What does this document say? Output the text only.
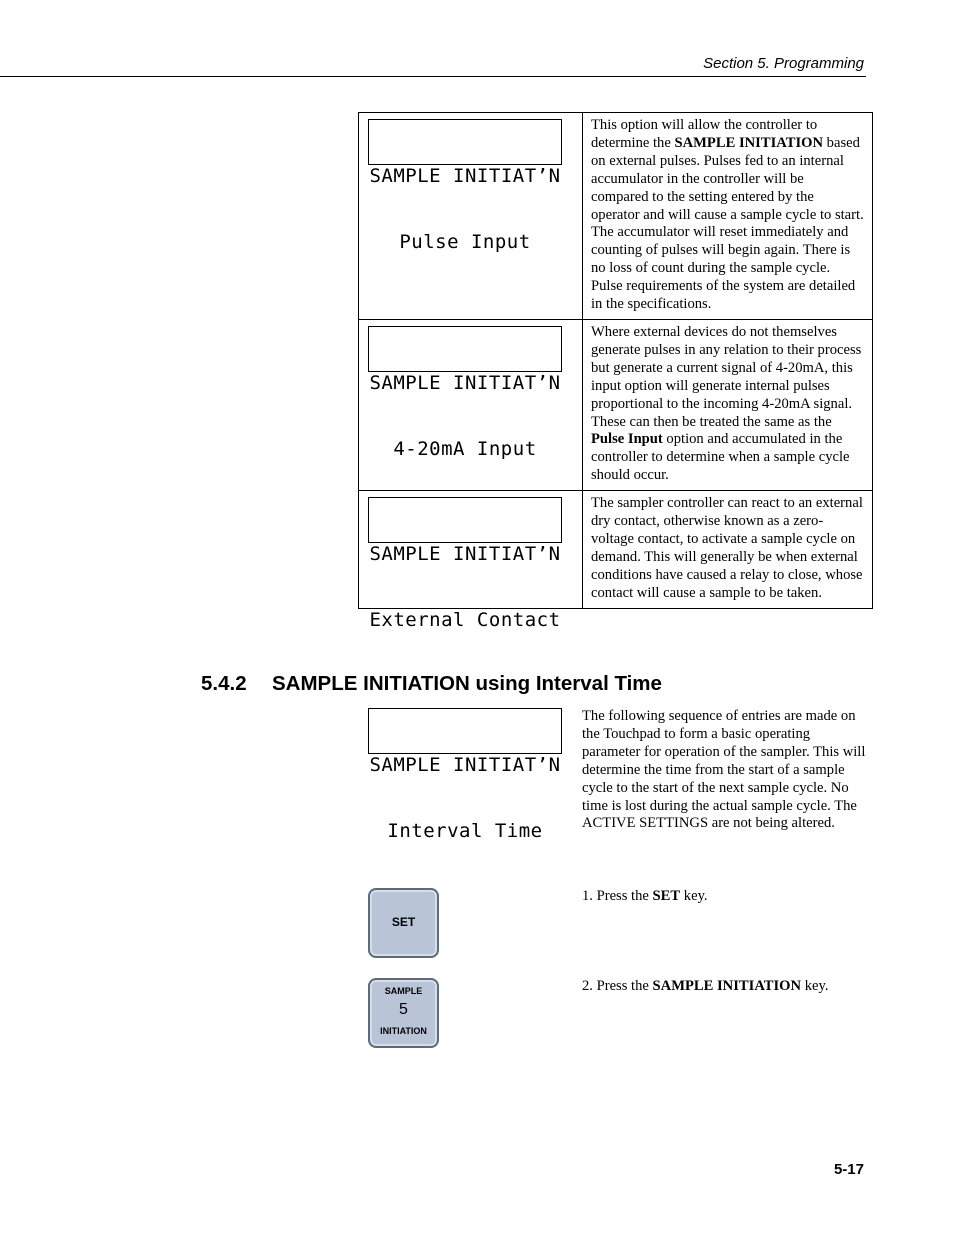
Section 5. Programming

SAMPLE INITIAT’N

Pulse Input	This option will allow the controller to determine the SAMPLE INITIATION based on external pulses. Pulses fed to an internal accumulator in the controller will be compared to the setting entered by the operator and will cause a sample cycle to start. The accumulator will reset immediately and counting of pulses will begin again. There is no loss of count during the sample cycle. Pulse requirements of the system are detailed in the specifications.

SAMPLE INITIAT’N

4-20mA Input	Where external devices do not themselves generate pulses in any relation to their process but generate a current signal of 4-20mA, this input option will generate internal pulses proportional to the incoming 4-20mA signal. These can then be treated the same as the Pulse Input option and accumulated in the controller to determine when a sample cycle should occur.

SAMPLE INITIAT’N

External Contact	The sampler controller can react to an external dry contact, otherwise known as a zero-voltage contact, to activate a sample cycle on demand. This will generally be when external conditions have caused a relay to close, whose contact will cause a sample to be taken.
5.4.2 SAMPLE INITIATION using Interval Time

SAMPLE INITIAT’N

Interval Time

The following sequence of entries are made on the Touchpad to form a basic operating parameter for operation of the sampler. This will determine the time from the start of a sample cycle to the start of the next sample cycle. No time is lost during the actual sample cycle. The ACTIVE SETTINGS are not being altered.
SET
1. Press the SET key.
SAMPLE
5
INITIATION
2. Press the SAMPLE INITIATION key.
5-17
